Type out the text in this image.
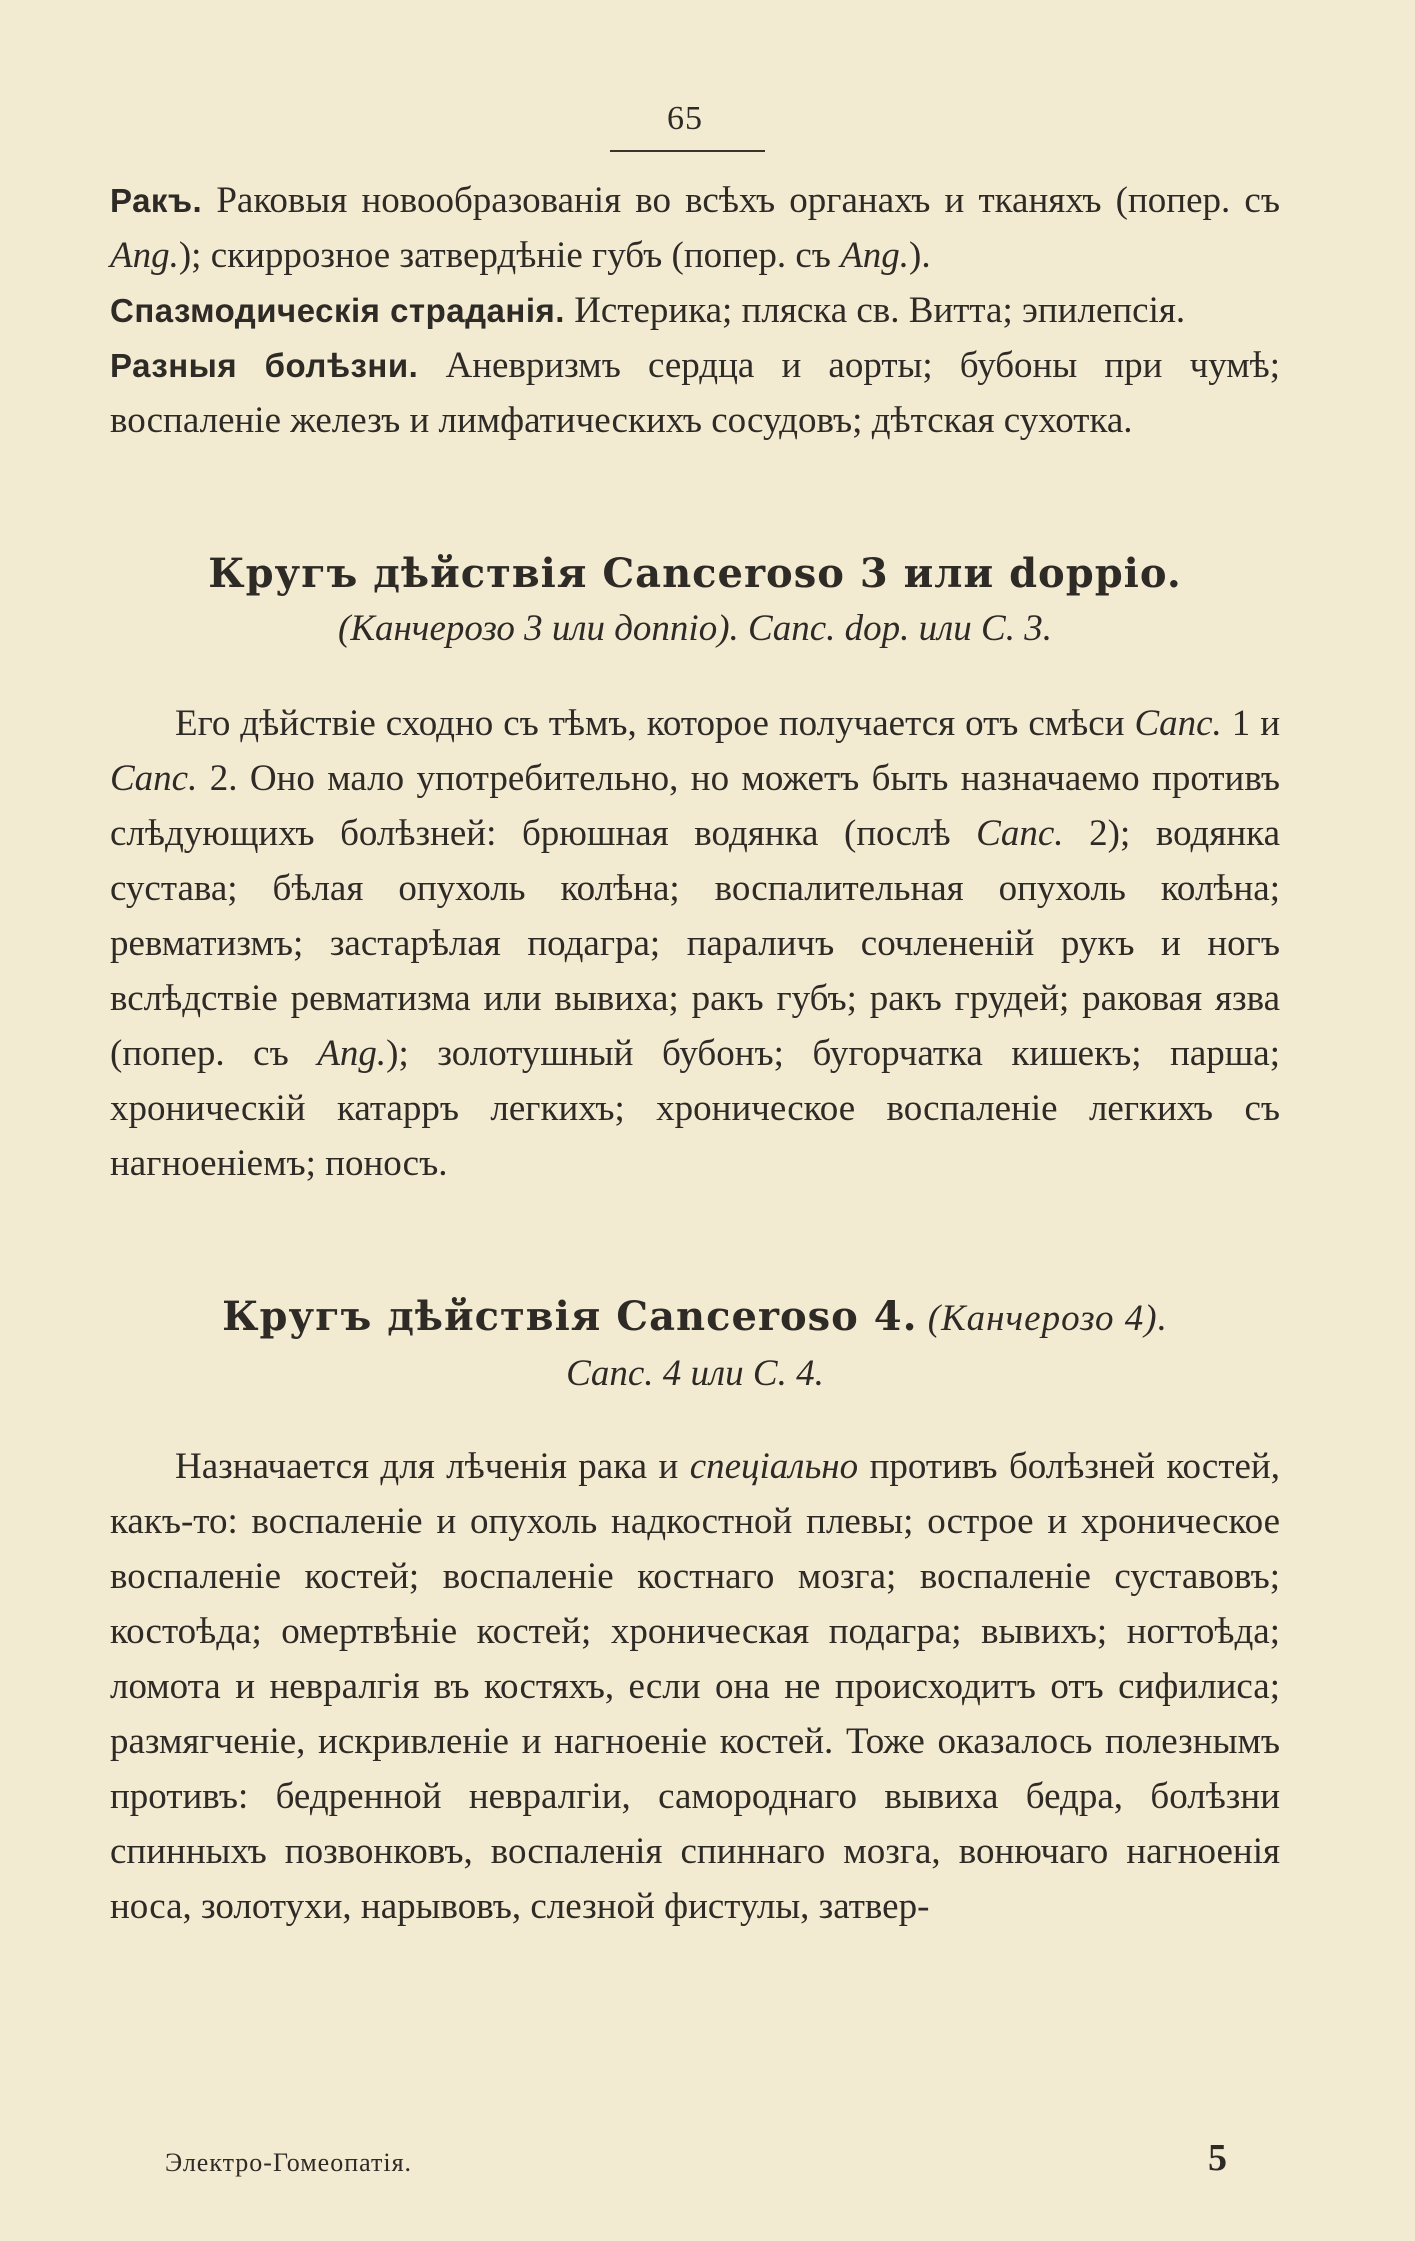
65

Ракъ. Раковыя новообразованія во всѣхъ органахъ и тканяхъ (попер. съ Ang.); скиррозное затвердѣніе губъ (попер. съ Ang.).

Спазмодическія страданія. Истерика; пляска св. Витта; эпилепсія.

Разныя болѣзни. Аневризмъ сердца и аорты; бубоны при чумѣ; воспаленіе железъ и лимфатическихъ сосудовъ; дѣтская сухотка.

Кругъ дѣйствія Canceroso 3 или doppio.

(Канчерозо 3 или доппіо). Canc. dop. или C. 3.

Его дѣйствіе сходно съ тѣмъ, которое получается отъ смѣси Canc. 1 и Canc. 2. Оно мало употребительно, но можетъ быть назначаемо противъ слѣдующихъ болѣзней: брюшная водянка (послѣ Canc. 2); водянка сустава; бѣлая опухоль колѣна; воспалительная опухоль колѣна; ревматизмъ; застарѣлая подагра; параличъ сочлененій рукъ и ногъ вслѣдствіе ревматизма или вывиха; ракъ губъ; ракъ грудей; раковая язва (попер. съ Ang.); золотушный бубонъ; бугорчатка кишекъ; парша; хроническій катарръ легкихъ; хроническое воспаленіе легкихъ съ нагноеніемъ; поносъ.

Кругъ дѣйствія Canceroso 4. (Канчерозо 4).

Canc. 4 или C. 4.

Назначается для лѣченія рака и спеціально противъ болѣзней костей, какъ-то: воспаленіе и опухоль надкостной плевы; острое и хроническое воспаленіе костей; воспаленіе костнаго мозга; воспаленіе суставовъ; костоѣда; омертвѣніе костей; хроническая подагра; вывихъ; ногтоѣда; ломота и невралгія въ костяхъ, если она не происходитъ отъ сифилиса; размягченіе, искривленіе и нагноеніе костей. Тоже оказалось полезнымъ противъ: бедренной невралгіи, самороднаго вывиха бедра, болѣзни спинныхъ позвонковъ, воспаленія спиннаго мозга, вонючаго нагноенія носа, золотухи, нарывовъ, слезной фистулы, затвер-

Электро-Гомеопатія.	5
